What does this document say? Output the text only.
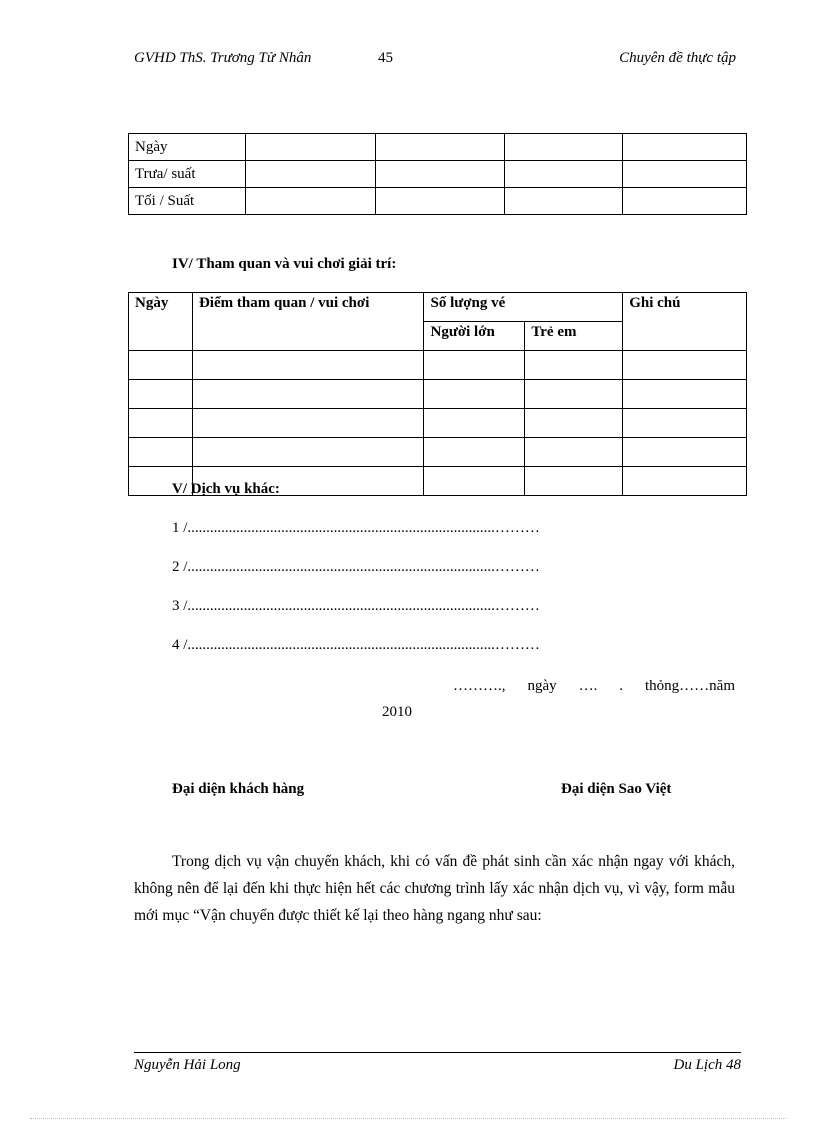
GVHD ThS. Trương Tử Nhân	45	Chuyên đề thực tập
Ngày				
Trưa/ suất				
Tối / Suất				
IV/ Tham quan và vui chơi giải trí:
Ngày	Điểm tham quan / vui chơi	Số lượng vé		Ghi chú
		Người lớn	Trẻ em	

V/ Dịch vụ khác:
1 /..................................................................................………
2 /..................................................................................………
3 /..................................................................................………
4 /..................................................................................………
………., ngày …. . thỏng……năm
2010
Đại diện khách hàng	Đại diện Sao Việt
Trong dịch vụ vận chuyển khách, khi có vấn đề phát sinh cần xác nhận ngay với khách, không nên để lại đến khi thực hiện hết các chương trình lấy xác nhận dịch vụ, vì vậy, form mẫu mới mục “Vận chuyển được thiết kế lại theo hàng ngang như sau:
Nguyễn Hải Long	Du Lịch 48
